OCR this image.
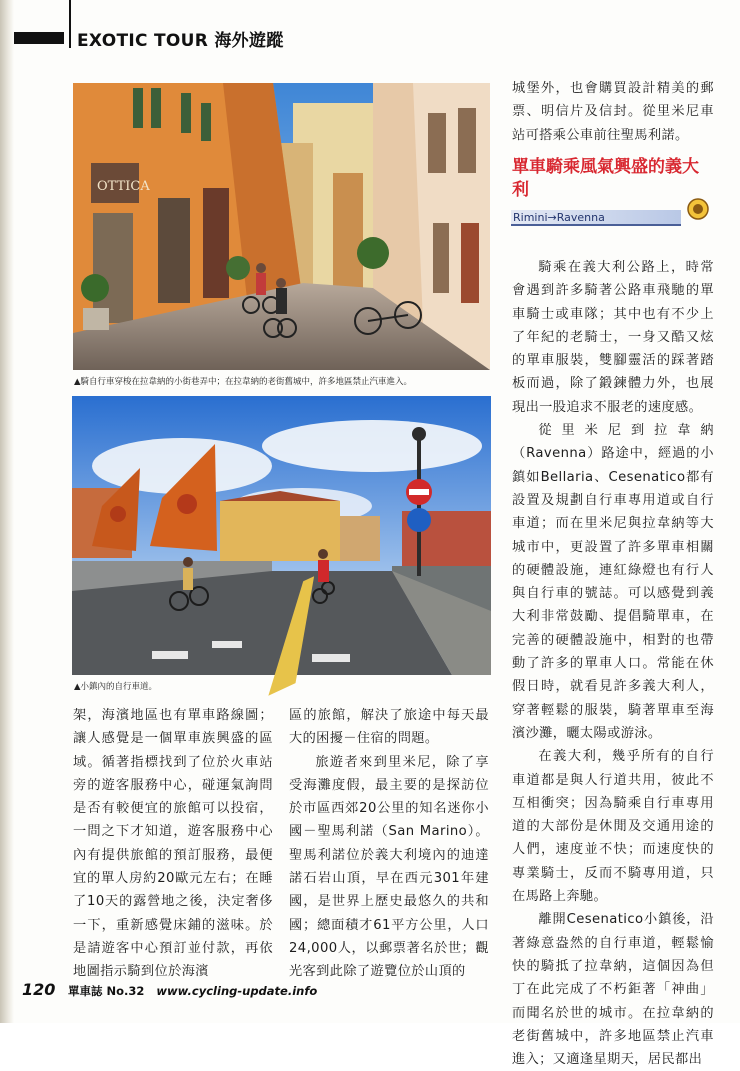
EXOTIC TOUR 海外遊蹤
OTTICA
▲騎自行車穿梭在拉韋納的小街巷弄中；在拉韋納的老街舊城中，許多地區禁止汽車進入。
▲小鎮內的自行車道。

城堡外，也會購買設計精美的郵票、明信片及信封。從里米尼車站可搭乘公車前往聖馬利諾。

單車騎乘風氣興盛的義大利
Rimini→Ravenna

騎乘在義大利公路上，時常會遇到許多騎著公路車飛馳的單車騎士或車隊；其中也有不少上了年紀的老騎士，一身又酷又炫的單車服裝，雙腳靈活的踩著踏板而過，除了鍛鍊體力外，也展現出一股追求不服老的速度感。

從里米尼到拉韋納（Ravenna）路途中，經過的小鎮如Bellaria、Cesenatico都有設置及規劃自行車專用道或自行車道；而在里米尼與拉韋納等大城市中，更設置了許多單車相關的硬體設施，連紅綠燈也有行人與自行車的號誌。可以感覺到義大利非常鼓勵、提倡騎單車，在完善的硬體設施中，相對的也帶動了許多的單車人口。常能在休假日時，就看見許多義大利人，穿著輕鬆的服裝，騎著單車至海濱沙灘，曬太陽或游泳。

在義大利，幾乎所有的自行車道都是與人行道共用，彼此不互相衝突；因為騎乘自行車專用道的大部份是休閒及交通用途的人們，速度並不快；而速度快的專業騎士，反而不騎專用道，只在馬路上奔馳。

離開Cesenatico小鎮後，沿著綠意盎然的自行車道，輕鬆愉快的騎抵了拉韋納，這個因為但丁在此完成了不朽鉅著「神曲」而聞名於世的城市。在拉韋納的老街舊城中，許多地區禁止汽車進入；又適逢星期天，居民都出

架，海濱地區也有單車路線圖；讓人感覺是一個單車族興盛的區域。循著指標找到了位於火車站旁的遊客服務中心，碰運氣詢問是否有較便宜的旅館可以投宿，一問之下才知道，遊客服務中心內有提供旅館的預訂服務，最便宜的單人房約20歐元左右；在睡了10天的露營地之後，決定奢侈一下，重新感覺床鋪的滋味。於是請遊客中心預訂並付款，再依地圖指示騎到位於海濱

區的旅館，解決了旅途中每天最大的困擾－住宿的問題。

旅遊者來到里米尼，除了享受海灘度假，最主要的是探訪位於市區西郊20公里的知名迷你小國－聖馬利諾（San Marino）。聖馬利諾位於義大利境內的迪達諾石岩山頂，早在西元301年建國，是世界上歷史最悠久的共和國；總面積才61平方公里，人口24,000人，以郵票著名於世；觀光客到此除了遊覽位於山頂的

120 單車誌 No.32 www.cycling-update.info
